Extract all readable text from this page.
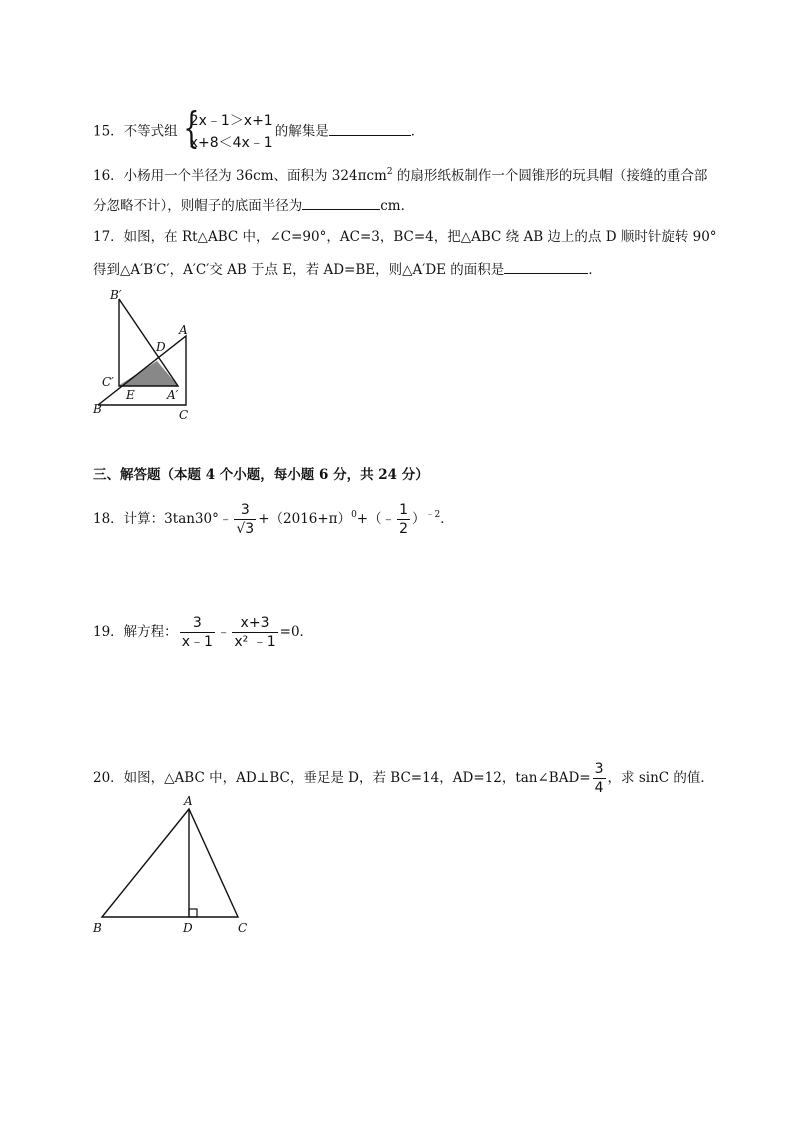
15．不等式组 {
2x﹣1＞x+1
x+8＜4x﹣1
的解集是	．
16．小杨用一个半径为 36cm、面积为 324πcm$^2$ 的扇形纸板制作一个圆锥形的玩具帽（接缝的重合部
分忽略不计），则帽子的底面半径为	cm．
17．如图，在 Rt△ABC 中，∠C=90°，AC=3，BC=4，把△ABC 绕 AB 边上的点 D 顺时针旋转 90°
得到△A′B′C′，A′C′交 AB 于点 E，若 AD=BE，则△A′DE 的面积是	．
B′
A
D
C′
E	A′
B	C
三、解答题（本题 4 个小题，每小题 6 分，共 24 分）
18．计算：3tan30°﹣ $\frac{3}{√3}$ $+(2016+\pi)^0+(﹣ \frac{1}{2} )^{﹣2}$．
19．解方程： $\frac{3}{x﹣1}$ ﹣ $\frac{x+3}{\text{x² ﹣1}} =0$．
20．如图，△ABC 中，AD⊥BC，垂足是 D，若 BC=14，AD=12，tan∠BAD= $\frac{3}{4}$ ，求 sinC 的值．
A
B	D	C
